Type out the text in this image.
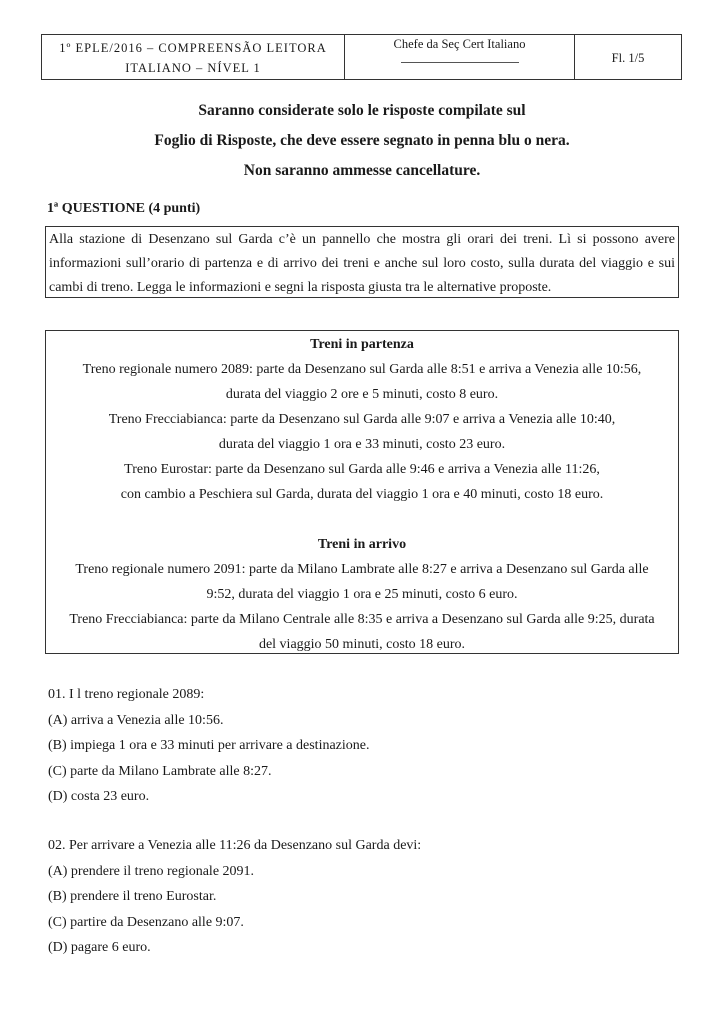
1º EPLE/2016 – COMPREENSÃO LEITORA
ITALIANO – NÍVEL 1
Chefe da Seç Cert Italiano
Fl. 1/5
Saranno considerate solo le risposte compilate sul
Foglio di Risposte, che deve essere segnato in penna blu o nera.
Non saranno ammesse cancellature.
1ª QUESTIONE (4 punti)
Alla stazione di Desenzano sul Garda c’è un pannello che mostra gli orari dei treni. Lì si possono avere informazioni sull’orario di partenza e di arrivo dei treni e anche sul loro costo, sulla durata del viaggio e sui cambi di treno. Legga le informazioni e segni la risposta giusta tra le alternative proposte.
Treni in partenza
Treno regionale numero 2089: parte da Desenzano sul Garda alle 8:51 e arriva a Venezia alle 10:56,
durata del viaggio 2 ore e 5 minuti, costo 8 euro.
Treno Frecciabianca: parte da Desenzano sul Garda alle 9:07 e arriva a Venezia alle 10:40,
durata del viaggio 1 ora e 33 minuti, costo 23 euro.
Treno Eurostar: parte da Desenzano sul Garda alle 9:46 e arriva a Venezia alle 11:26,
con cambio a Peschiera sul Garda, durata del viaggio 1 ora e 40 minuti, costo 18 euro.
Treni in arrivo
Treno regionale numero 2091: parte da Milano Lambrate alle 8:27 e arriva a Desenzano sul Garda alle
9:52, durata del viaggio 1 ora e 25 minuti, costo 6 euro.
Treno Frecciabianca: parte da Milano Centrale alle 8:35 e arriva a Desenzano sul Garda alle 9:25, durata
del viaggio 50 minuti, costo 18 euro.
01. I l treno regionale 2089:
(A) arriva a Venezia alle 10:56.
(B) impiega 1 ora e 33 minuti per arrivare a destinazione.
(C) parte da Milano Lambrate alle 8:27.
(D) costa 23 euro.
02. Per arrivare a Venezia alle 11:26 da Desenzano sul Garda devi:
(A) prendere il treno regionale 2091.
(B) prendere il treno Eurostar.
(C) partire da Desenzano alle 9:07.
(D) pagare 6 euro.
